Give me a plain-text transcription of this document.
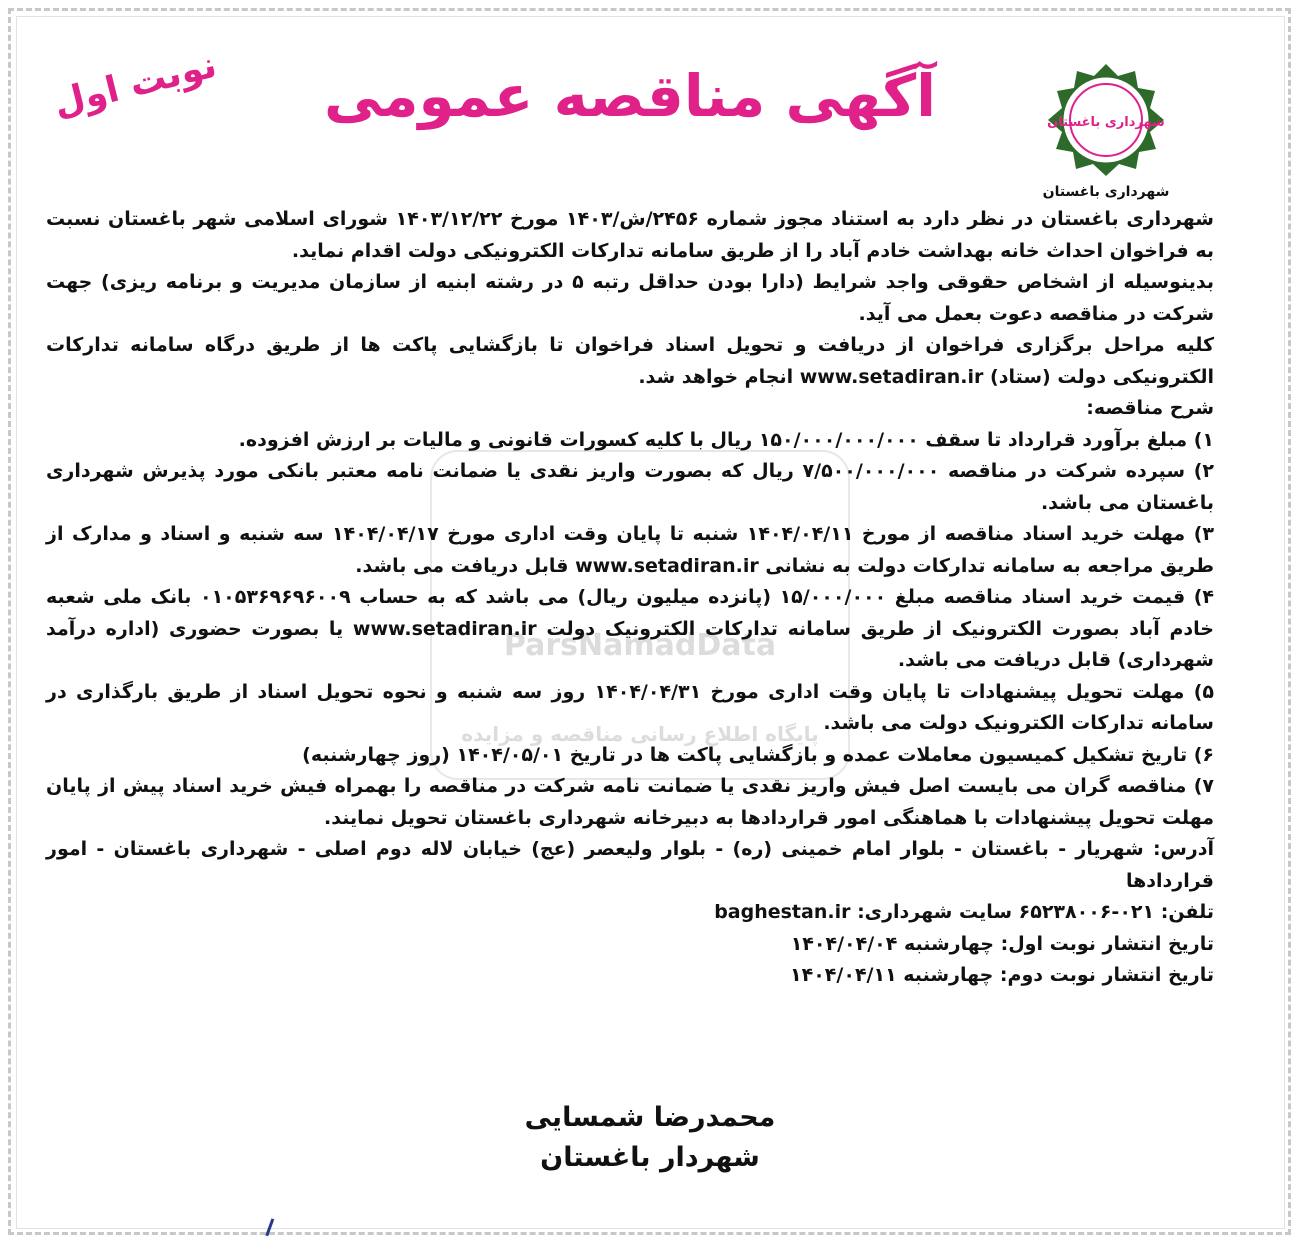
شهرداری باغستان
شهرداری باغستان
آگهی مناقصه عمومی
نوبت اول
ParsNamadData
پایگاه اطلاع رسانی مناقصه و مزایده

شهرداری باغستان در نظر دارد به استناد مجوز شماره ۲۴۵۶/ش/۱۴۰۳ مورخ ۱۴۰۳/۱۲/۲۲ شورای اسلامی شهر باغستان نسبت به فراخوان احداث خانه بهداشت خادم آباد را از طریق سامانه تدارکات الکترونیکی دولت اقدام نماید.

بدینوسیله از اشخاص حقوقی واجد شرایط (دارا بودن حداقل رتبه ۵ در رشته ابنیه از سازمان مدیریت و برنامه ریزی) جهت شرکت در مناقصه دعوت بعمل می آید.

کلیه مراحل برگزاری فراخوان از دریافت و تحویل اسناد فراخوان تا بازگشایی پاکت ها از طریق درگاه سامانه تدارکات الکترونیکی دولت (ستاد) www.setadiran.ir انجام خواهد شد.

شرح مناقصه:

۱) مبلغ برآورد قرارداد تا سقف ۱۵۰/۰۰۰/۰۰۰/۰۰۰ ریال با کلیه کسورات قانونی و مالیات بر ارزش افزوده.

۲) سپرده شرکت در مناقصه ۷/۵۰۰/۰۰۰/۰۰۰ ریال که بصورت واریز نقدی یا ضمانت نامه معتبر بانکی مورد پذیرش شهرداری باغستان می باشد.

۳) مهلت خرید اسناد مناقصه از مورخ ۱۴۰۴/۰۴/۱۱ شنبه تا پایان وقت اداری مورخ ۱۴۰۴/۰۴/۱۷ سه شنبه و اسناد و مدارک از طریق مراجعه به سامانه تدارکات دولت به نشانی www.setadiran.ir قابل دریافت می باشد.

۴) قیمت خرید اسناد مناقصه مبلغ ۱۵/۰۰۰/۰۰۰ (پانزده میلیون ریال) می باشد که به حساب ۰۱۰۵۳۶۹۶۹۶۰۰۹ بانک ملی شعبه خادم آباد بصورت الکترونیک از طریق سامانه تدارکات الکترونیک دولت www.setadiran.ir یا بصورت حضوری (اداره درآمد شهرداری) قابل دریافت می باشد.

۵) مهلت تحویل پیشنهادات تا پایان وقت اداری مورخ ۱۴۰۴/۰۴/۳۱ روز سه شنبه و نحوه تحویل اسناد از طریق بارگذاری در سامانه تدارکات الکترونیک دولت می باشد.

۶) تاریخ تشکیل کمیسیون معاملات عمده و بازگشایی پاکت ها در تاریخ ۱۴۰۴/۰۵/۰۱ (روز چهارشنبه)

۷) مناقصه گران می بایست اصل فیش واریز نقدی یا ضمانت نامه شرکت در مناقصه را بهمراه فیش خرید اسناد پیش از پایان مهلت تحویل پیشنهادات با هماهنگی امور قراردادها به دبیرخانه شهرداری باغستان تحویل نمایند.

آدرس: شهریار - باغستان - بلوار امام خمینی (ره) - بلوار ولیعصر (عج) خیابان لاله دوم اصلی - شهرداری باغستان - امور قراردادها

تلفن: ۰۲۱-۶۵۲۳۸۰۰۶ سایت شهرداری: baghestan.ir

تاریخ انتشار نوبت اول: چهارشنبه ۱۴۰۴/۰۴/۰۴

تاریخ انتشار نوبت دوم: چهارشنبه ۱۴۰۴/۰۴/۱۱

محمدرضا شمسایی
شهردار باغستان
